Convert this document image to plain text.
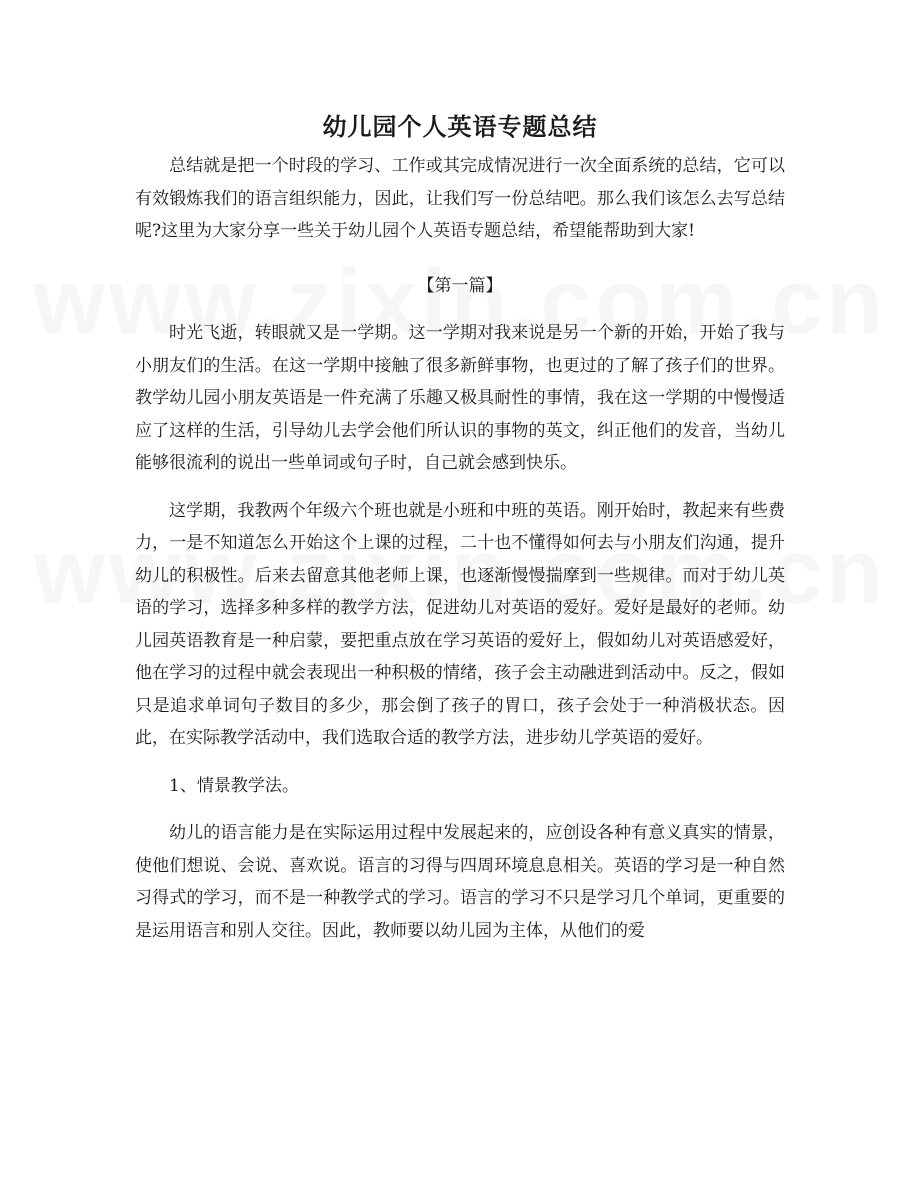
幼儿园个人英语专题总结

总结就是把一个时段的学习、工作或其完成情况进行一次全面系统的总结，它可以有效锻炼我们的语言组织能力，因此，让我们写一份总结吧。那么我们该怎么去写总结呢?这里为大家分享一些关于幼儿园个人英语专题总结，希望能帮助到大家!

【第一篇】

时光飞逝，转眼就又是一学期。这一学期对我来说是另一个新的开始，开始了我与小朋友们的生活。在这一学期中接触了很多新鲜事物，也更过的了解了孩子们的世界。教学幼儿园小朋友英语是一件充满了乐趣又极具耐性的事情，我在这一学期的中慢慢适应了这样的生活，引导幼儿去学会他们所认识的事物的英文，纠正他们的发音，当幼儿能够很流利的说出一些单词或句子时，自己就会感到快乐。

这学期，我教两个年级六个班也就是小班和中班的英语。刚开始时，教起来有些费力，一是不知道怎么开始这个上课的过程，二十也不懂得如何去与小朋友们沟通，提升幼儿的积极性。后来去留意其他老师上课，也逐渐慢慢揣摩到一些规律。而对于幼儿英语的学习，选择多种多样的教学方法，促进幼儿对英语的爱好。爱好是最好的老师。幼儿园英语教育是一种启蒙，要把重点放在学习英语的爱好上，假如幼儿对英语感爱好，他在学习的过程中就会表现出一种积极的情绪，孩子会主动融进到活动中。反之，假如只是追求单词句子数目的多少，那会倒了孩子的胃口，孩子会处于一种消极状态。因此，在实际教学活动中，我们选取合适的教学方法，进步幼儿学英语的爱好。

1、情景教学法。

幼儿的语言能力是在实际运用过程中发展起来的，应创设各种有意义真实的情景，使他们想说、会说、喜欢说。语言的习得与四周环境息息相关。英语的学习是一种自然习得式的学习，而不是一种教学式的学习。语言的学习不只是学习几个单词，更重要的是运用语言和别人交往。因此，教师要以幼儿园为主体，从他们的爱
